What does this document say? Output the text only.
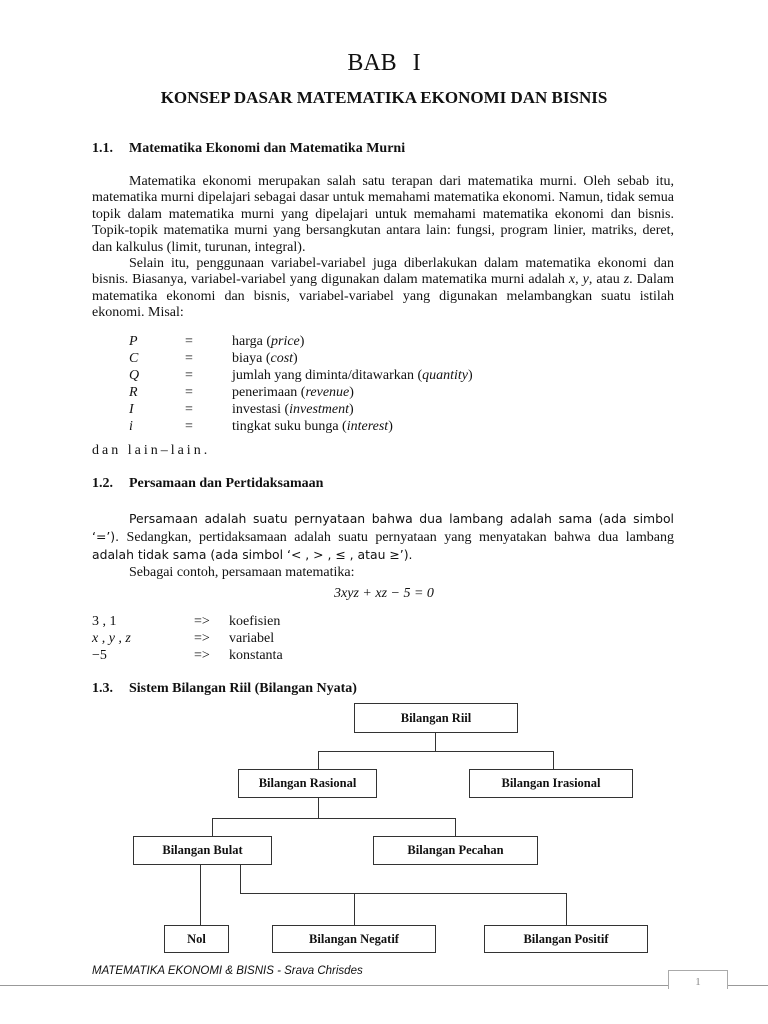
BAB I
KONSEP DASAR MATEMATIKA EKONOMI DAN BISNIS
1.1. Matematika Ekonomi dan Matematika Murni

Matematika ekonomi merupakan salah satu terapan dari matematika murni. Oleh sebab itu, matematika murni dipelajari sebagai dasar untuk memahami matematika ekonomi. Namun, tidak semua topik dalam matematika murni yang dipelajari untuk memahami matematika ekonomi dan bisnis. Topik-topik matematika murni yang bersangkutan antara lain: fungsi, program linier, matriks, deret, dan kalkulus (limit, turunan, integral).

Selain itu, penggunaan variabel-variabel juga diberlakukan dalam matematika ekonomi dan bisnis. Biasanya, variabel-variabel yang digunakan dalam matematika murni adalah x, y, atau z. Dalam matematika ekonomi dan bisnis, variabel-variabel yang digunakan melambangkan suatu istilah ekonomi. Misal:

P	=	harga (price)
C	=	biaya (cost)
Q	=	jumlah yang diminta/ditawarkan (quantity)
R	=	penerimaan (revenue)
I	=	investasi (investment)
i	=	tingkat suku bunga (interest)
dan lain–lain.
1.2. Persamaan dan Pertidaksamaan

Persamaan adalah suatu pernyataan bahwa dua lambang adalah sama (ada simbol ‘=’). Sedangkan, pertidaksamaan adalah suatu pernyataan yang menyatakan bahwa dua lambang adalah tidak sama (ada simbol ‘< , > , ≤ , atau ≥’).

Sebagai contoh, persamaan matematika:

3xyz + xz − 5 = 0
3 , 1	=> koefisien
x , y , z	=> variabel
−5	=> konstanta
1.3. Sistem Bilangan Riil (Bilangan Nyata)
Bilangan Riil
Bilangan Rasional	Bilangan Irasional
Bilangan Bulat	Bilangan Pecahan
Nol	Bilangan Negatif	Bilangan Positif
MATEMATIKA EKONOMI & BISNIS - Srava Chrisdes
1
